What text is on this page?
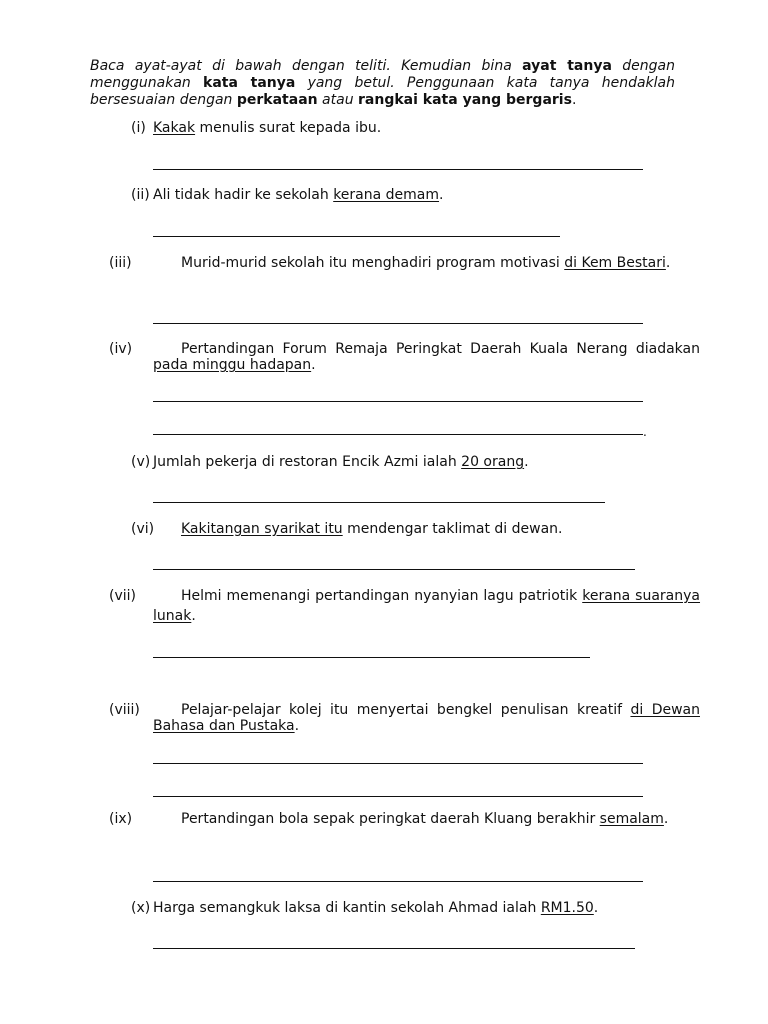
Baca ayat-ayat di bawah dengan teliti. Kemudian bina ayat tanya dengan menggunakan kata tanya yang betul. Penggunaan kata tanya hendaklah bersesuaian dengan perkataan atau rangkai kata yang bergaris.
(i) Kakak menulis surat kepada ibu.
(ii) Ali tidak hadir ke sekolah kerana demam.
(iii)	Murid-murid sekolah itu menghadiri program motivasi di Kem Bestari.
(iv)	Pertandingan Forum Remaja Peringkat Daerah Kuala Nerang diadakan pada minggu hadapan.
.
(v) Jumlah pekerja di restoran Encik Azmi ialah 20 orang.
(vi) Kakitangan syarikat itu mendengar taklimat di dewan.
(vii)	Helmi memenangi pertandingan nyanyian lagu patriotik kerana suaranya lunak.
(viii)	Pelajar-pelajar kolej itu menyertai bengkel penulisan kreatif di Dewan Bahasa dan Pustaka.
(ix)	Pertandingan bola sepak peringkat daerah Kluang berakhir semalam.
(x) Harga semangkuk laksa di kantin sekolah Ahmad ialah RM1.50.
